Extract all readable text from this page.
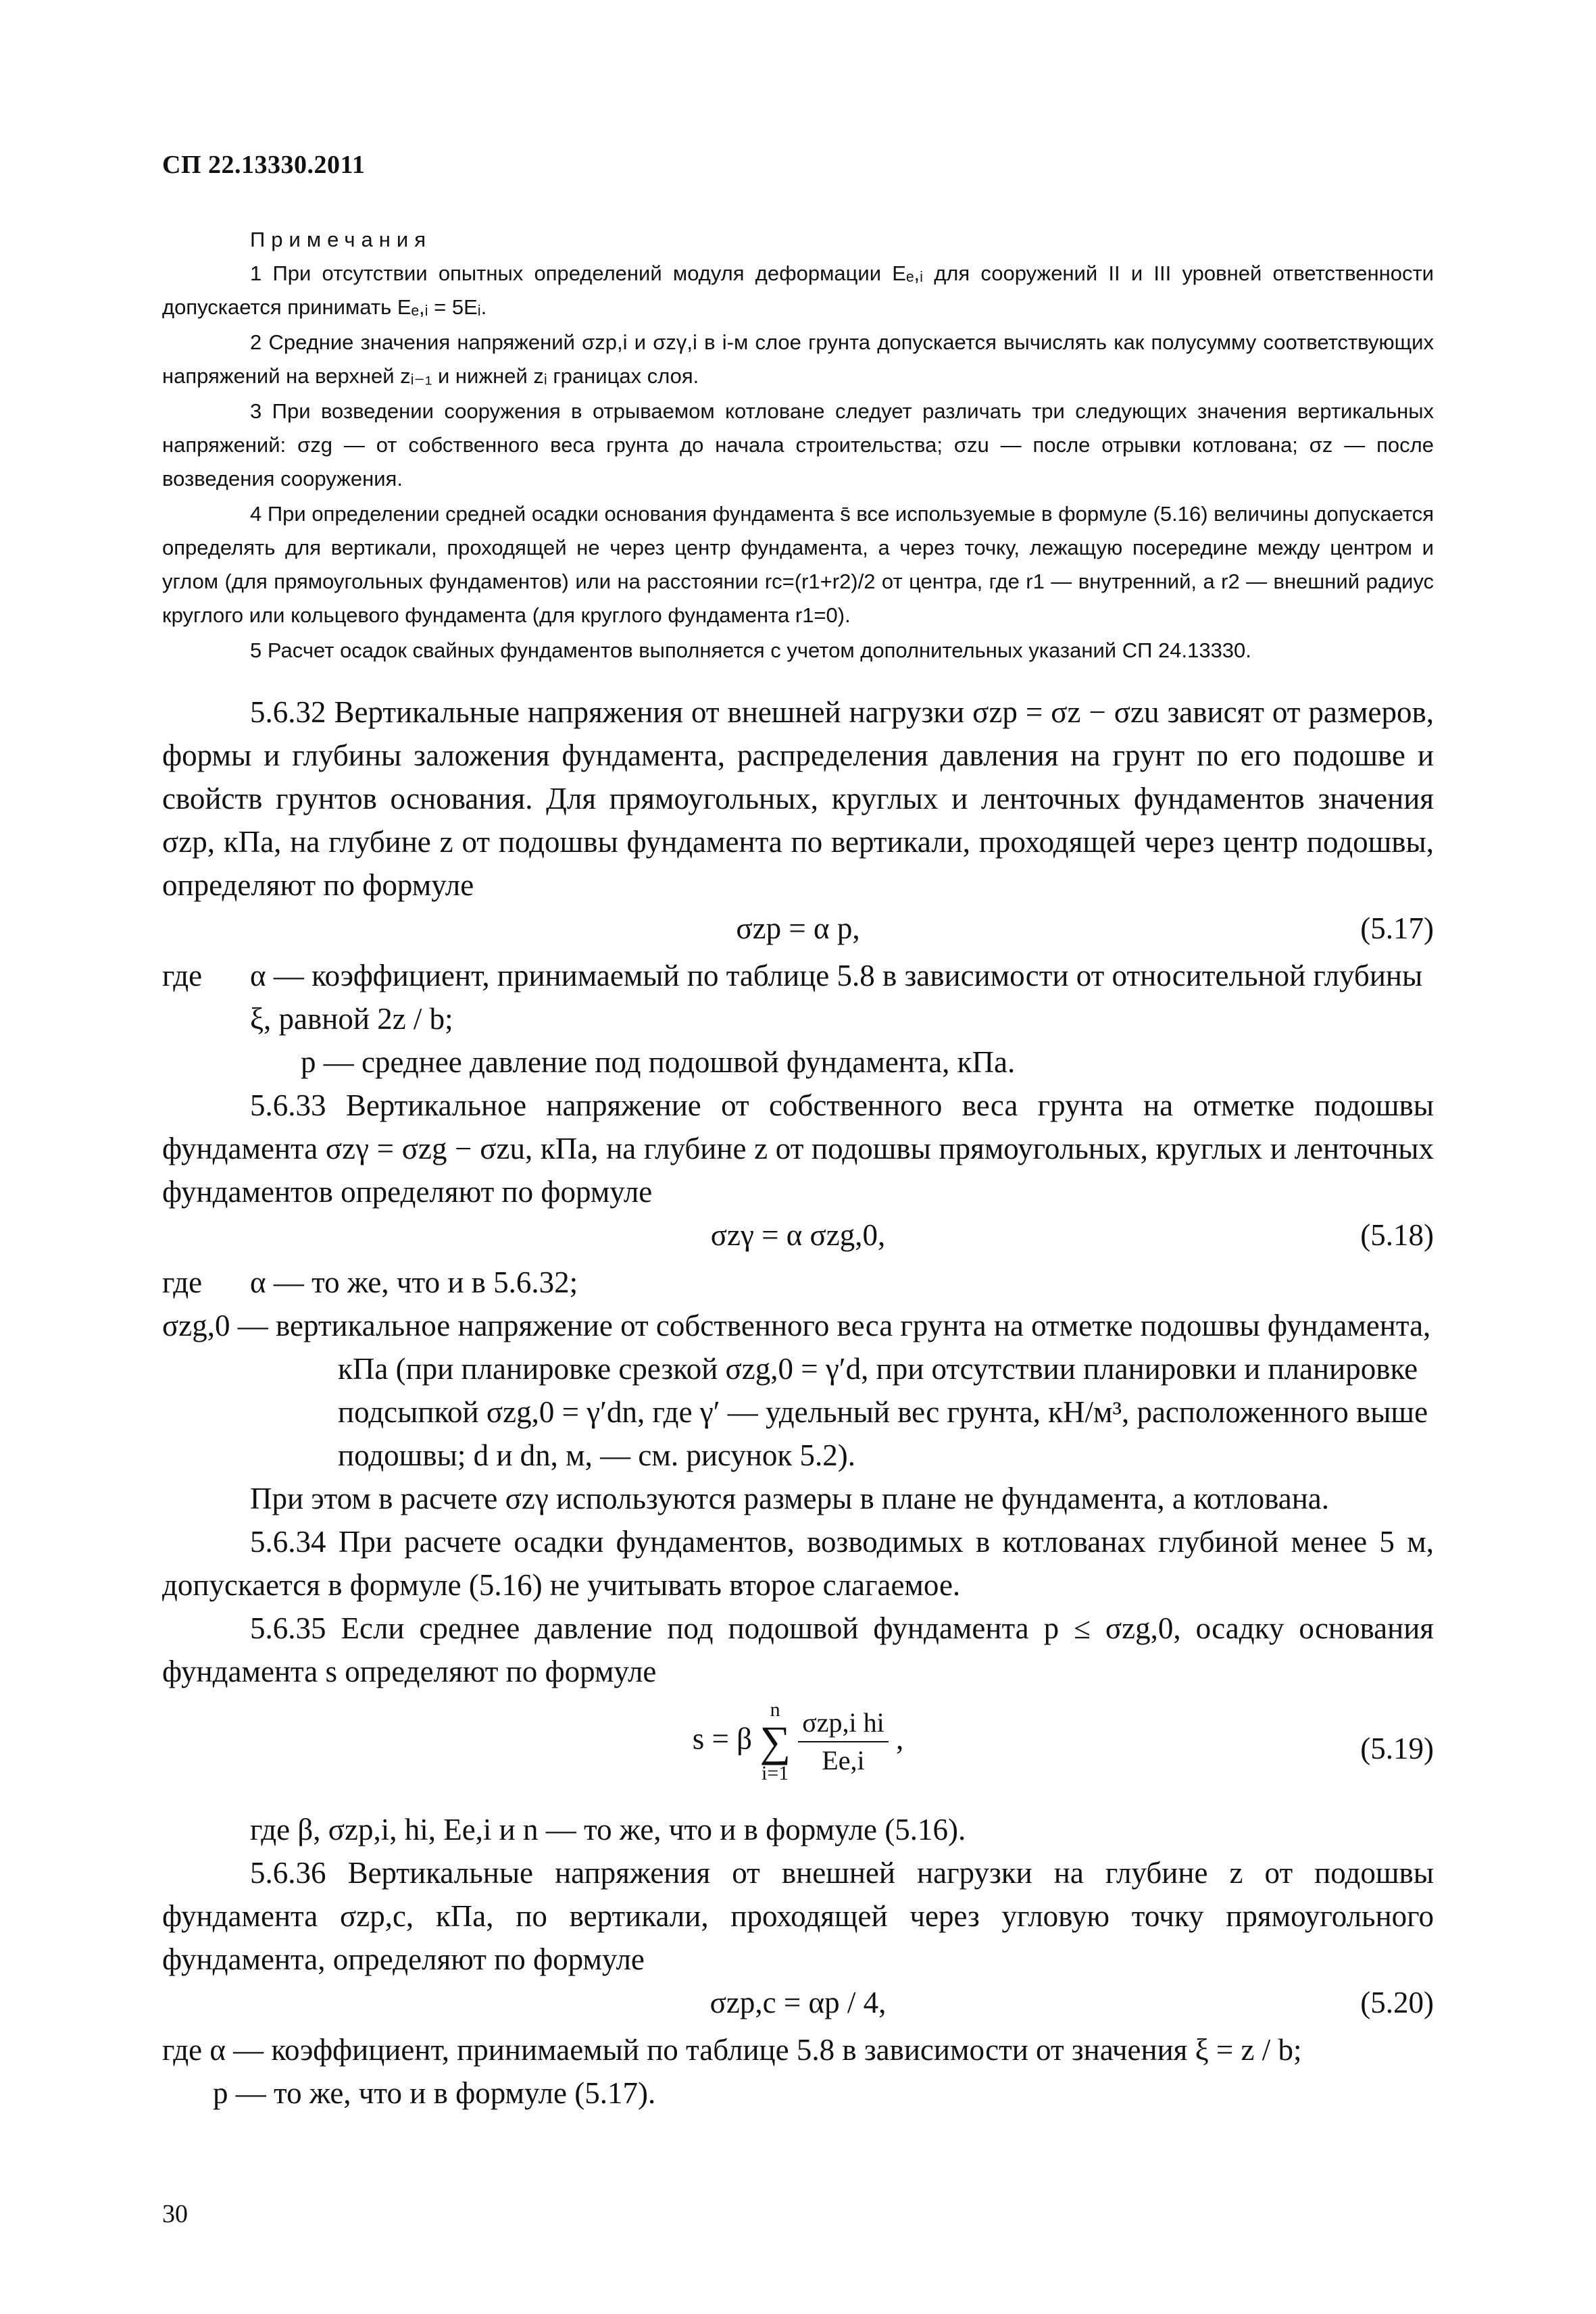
СП 22.13330.2011
Примечания

1 При отсутствии опытных определений модуля деформации Eₑ,ᵢ для сооружений II и III уровней ответственности допускается принимать Eₑ,ᵢ = 5Eᵢ.

2 Средние значения напряжений σzp,i и σzγ,i в i-м слое грунта допускается вычислять как полусумму соответствующих напряжений на верхней zᵢ₋₁ и нижней zᵢ границах слоя.

3 При возведении сооружения в отрываемом котловане следует различать три следующих значения вертикальных напряжений: σzg — от собственного веса грунта до начала строительства; σzu — после отрывки котлована; σz — после возведения сооружения.

4 При определении средней осадки основания фундамента s̄ все используемые в формуле (5.16) величины допускается определять для вертикали, проходящей не через центр фундамента, а через точку, лежащую посередине между центром и углом (для прямоугольных фундаментов) или на расстоянии rc=(r1+r2)/2 от центра, где r1 — внутренний, а r2 — внешний радиус круглого или кольцевого фундамента (для круглого фундамента r1=0).

5 Расчет осадок свайных фундаментов выполняется с учетом дополнительных указаний СП 24.13330.

5.6.32 Вертикальные напряжения от внешней нагрузки σzp = σz − σzu зависят от размеров, формы и глубины заложения фундамента, распределения давления на грунт по его подошве и свойств грунтов основания. Для прямоугольных, круглых и ленточных фундаментов значения σzp, кПа, на глубине z от подошвы фундамента по вертикали, проходящей через центр подошвы, определяют по формуле

σzp = α p,	(5.17)
где	α — коэффициент, принимаемый по таблице 5.8 в зависимости от относительной глубины ξ, равной 2z / b;
p — среднее давление под подошвой фундамента, кПа.

5.6.33 Вертикальное напряжение от собственного веса грунта на отметке подошвы фундамента σzγ = σzg − σzu, кПа, на глубине z от подошвы прямоугольных, круглых и ленточных фундаментов определяют по формуле

σzγ = α σzg,0,	(5.18)
где	α — то же, что и в 5.6.32;
σzg,0 — вертикальное напряжение от собственного веса грунта на отметке подошвы фундамента, кПа (при планировке срезкой σzg,0 = γ′d, при отсутствии планировки и планировке подсыпкой σzg,0 = γ′dn, где γ′ — удельный вес грунта, кН/м³, расположенного выше подошвы; d и dn, м, — см. рисунок 5.2).

При этом в расчете σzγ используются размеры в плане не фундамента, а котлована.

5.6.34 При расчете осадки фундаментов, возводимых в котлованах глубиной менее 5 м, допускается в формуле (5.16) не учитывать второе слагаемое.

5.6.35 Если среднее давление под подошвой фундамента p ≤ σzg,0, осадку основания фундамента s определяют по формуле

s = β
n
∑
i=1
$\frac{\text{σzp,i hi}}{Ee,i}$ ,	(5.19)
где β, σzp,i, hi, Ee,i и n — то же, что и в формуле (5.16).

5.6.36 Вертикальные напряжения от внешней нагрузки на глубине z от подошвы фундамента σzp,c, кПа, по вертикали, проходящей через угловую точку прямоугольного фундамента, определяют по формуле

σzp,c = αp / 4,	(5.20)
где α — коэффициент, принимаемый по таблице 5.8 в зависимости от значения ξ = z / b;
p — то же, что и в формуле (5.17).
30
